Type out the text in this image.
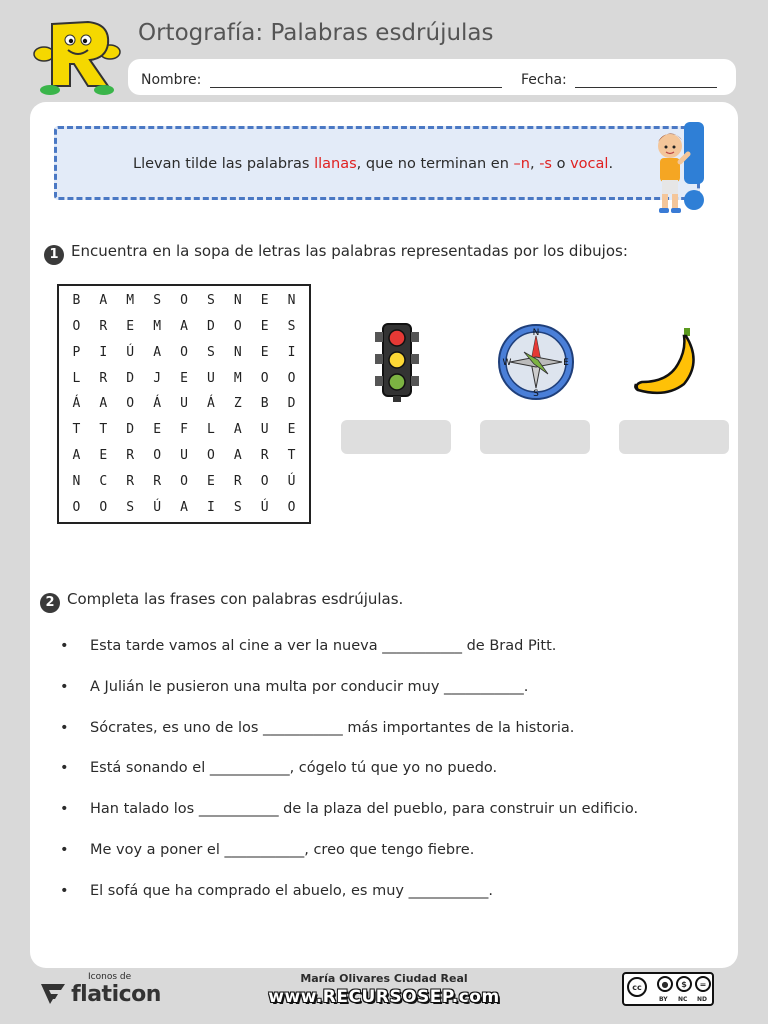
Ortografía: Palabras esdrújulas
Nombre:	Fecha:
Llevan tilde las palabras llanas, que no terminan en –n, -s o vocal.
1 Encuentra en la sopa de letras las palabras representadas por los dibujos:
B	A	M	S	O	S	N	E	N
O	R	E	M	A	D	O	E	S
P	I	Ú	A	O	S	N	E	I
L	R	D	J	E	U	M	O	O
Á	A	O	Á	U	Á	Z	B	D
T	T	D	E	F	L	A	U	E
A	E	R	O	U	O	A	R	T
N	C	R	R	O	E	R	O	Ú
O	O	S	Ú	A	I	S	Ú	O
N
S
E
W
2 Completa las frases con palabras esdrújulas.
• Esta tarde vamos al cine a ver la nueva ___________ de Brad Pitt.
• A Julián le pusieron una multa por conducir muy ___________.
• Sócrates, es uno de los ___________ más importantes de la historia.
• Está sonando el ___________, cógelo tú que yo no puedo.
• Han talado los ___________ de la plaza del pueblo, para construir un edificio.
• Me voy a poner el ___________, creo que tengo fiebre.
• El sofá que ha comprado el abuelo, es muy ___________.
Iconos de
flaticon
María Olivares Ciudad Real
www.RECURSOSEP.com	cc	●	$	=
BY NC ND
